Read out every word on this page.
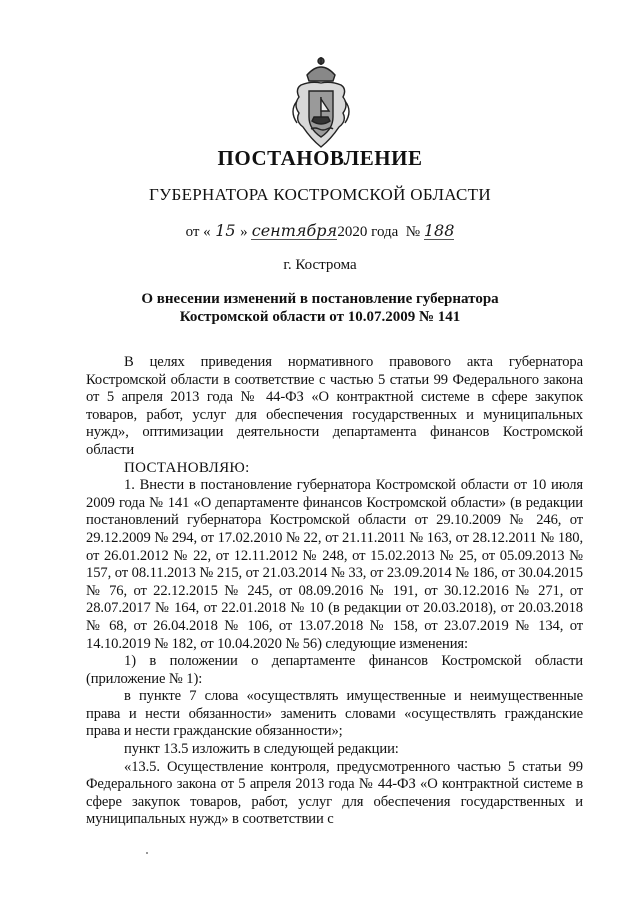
ПОСТАНОВЛЕНИЕ
ГУБЕРНАТОРА КОСТРОМСКОЙ ОБЛАСТИ
от « 15 » сентября2020 года  № 188
г. Кострома
О внесении изменений в постановление губернатора
Костромской области от 10.07.2009 № 141

В целях приведения нормативного правового акта губернатора Костромской области в соответствие с частью 5 статьи 99 Федерального закона от 5 апреля 2013 года № 44-ФЗ «О контрактной системе в сфере закупок товаров, работ, услуг для обеспечения государственных и муниципальных нужд», оптимизации деятельности департамента финансов Костромской области

ПОСТАНОВЛЯЮ:

1. Внести в постановление губернатора Костромской области от 10 июля 2009 года № 141 «О департаменте финансов Костромской области» (в редакции постановлений губернатора Костромской области от 29.10.2009 № 246, от 29.12.2009 № 294, от 17.02.2010 № 22, от 21.11.2011 № 163, от 28.12.2011 № 180, от 26.01.2012 № 22, от 12.11.2012 № 248, от 15.02.2013 № 25, от 05.09.2013 № 157, от 08.11.2013 № 215, от 21.03.2014 № 33, от 23.09.2014 № 186, от 30.04.2015 № 76, от 22.12.2015 № 245, от 08.09.2016 № 191, от 30.12.2016 № 271, от 28.07.2017 № 164, от 22.01.2018 № 10 (в редакции от 20.03.2018), от 20.03.2018 № 68, от 26.04.2018 № 106, от 13.07.2018 № 158, от 23.07.2019 № 134, от 14.10.2019 № 182, от 10.04.2020 № 56) следующие изменения:

1) в положении о департаменте финансов Костромской области (приложение № 1):

в пункте 7 слова «осуществлять имущественные и неимущественные права и нести обязанности» заменить словами «осуществлять гражданские права и нести гражданские обязанности»;

пункт 13.5 изложить в следующей редакции:

«13.5. Осуществление контроля, предусмотренного частью 5 статьи 99 Федерального закона от 5 апреля 2013 года № 44-ФЗ «О контрактной системе в сфере закупок товаров, работ, услуг для обеспечения государственных и муниципальных нужд» в соответствии с
